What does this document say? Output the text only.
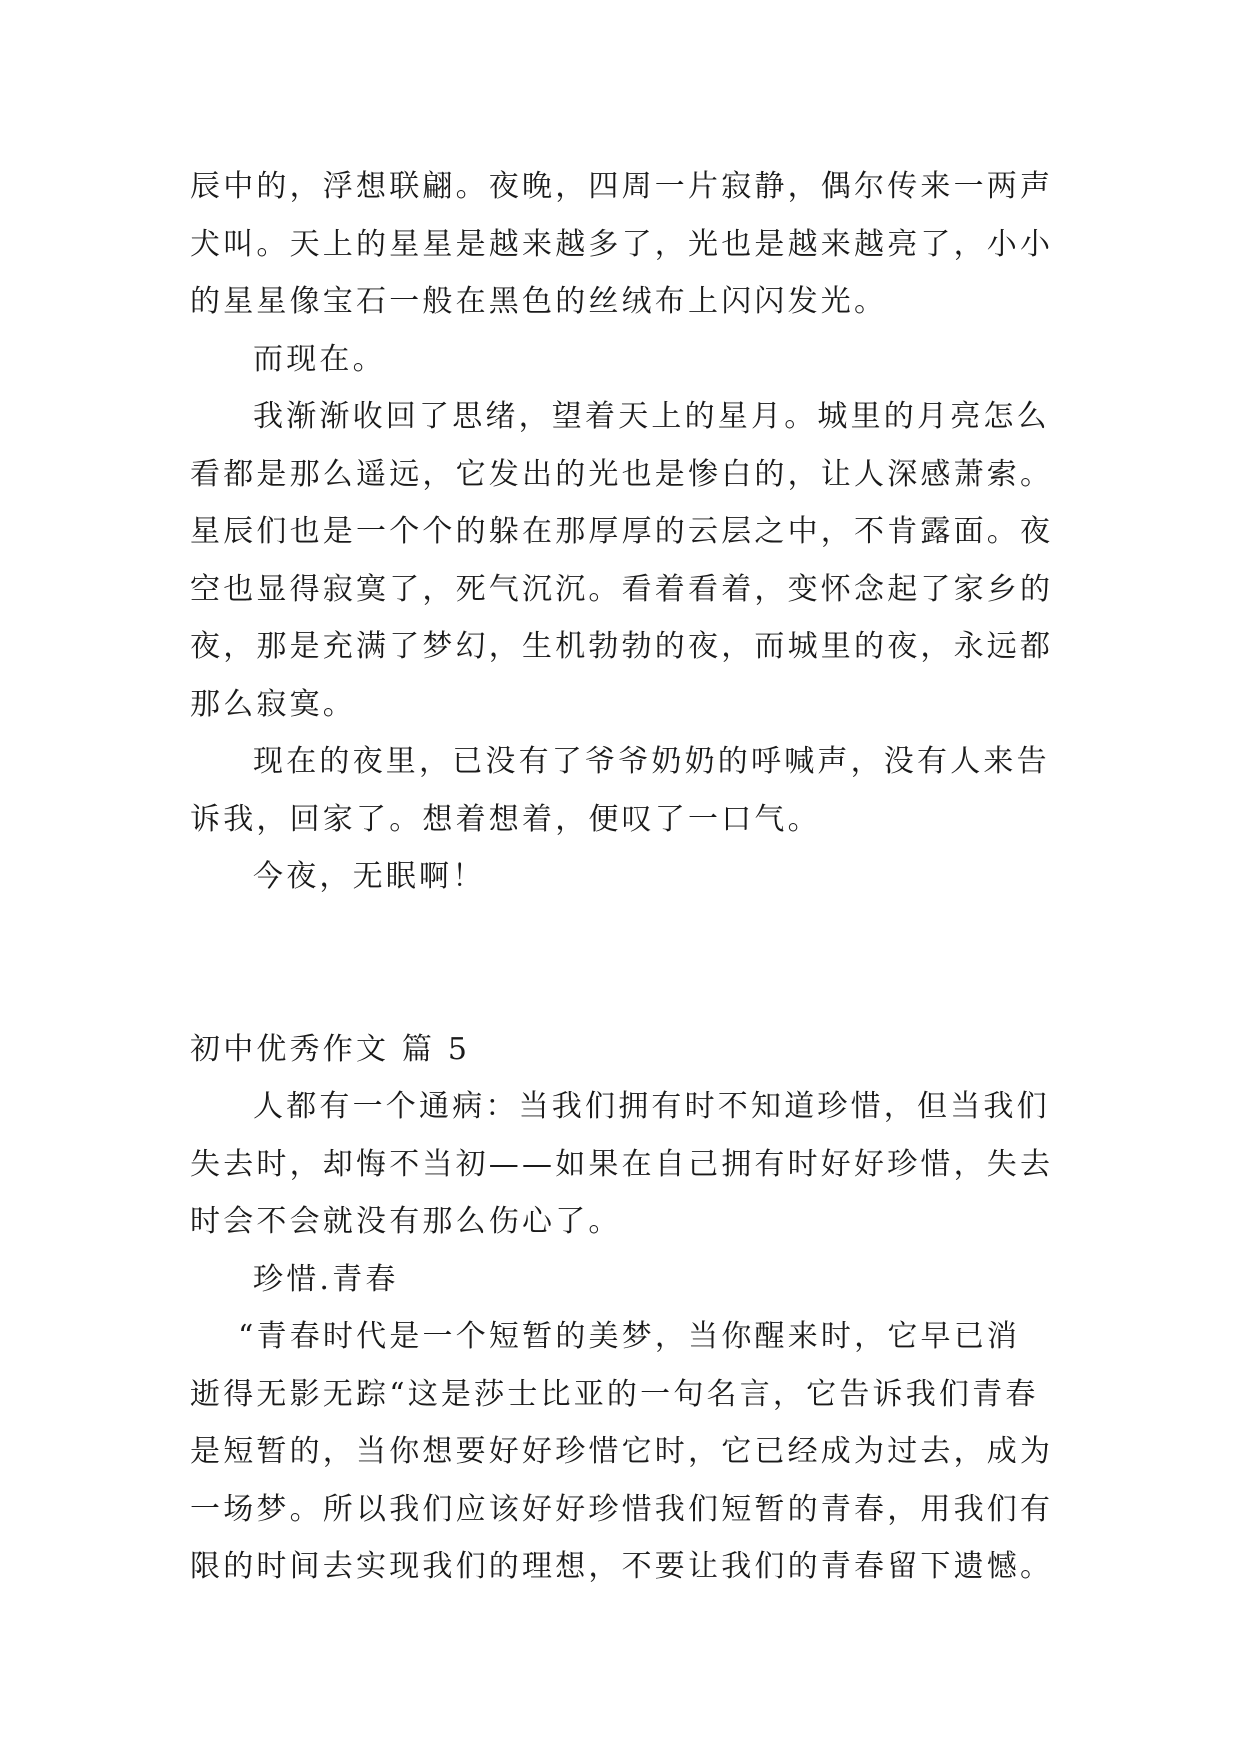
辰中的，浮想联翩。夜晚，四周一片寂静，偶尔传来一两声
犬叫。天上的星星是越来越多了，光也是越来越亮了，小小
的星星像宝石一般在黑色的丝绒布上闪闪发光。
而现在。
我渐渐收回了思绪，望着天上的星月。城里的月亮怎么
看都是那么遥远，它发出的光也是惨白的，让人深感萧索。
星辰们也是一个个的躲在那厚厚的云层之中，不肯露面。夜
空也显得寂寞了，死气沉沉。看着看着，变怀念起了家乡的
夜，那是充满了梦幻，生机勃勃的夜，而城里的夜，永远都
那么寂寞。
现在的夜里，已没有了爷爷奶奶的呼喊声，没有人来告
诉我，回家了。想着想着，便叹了一口气。
今夜，无眠啊！
初中优秀作文 篇 5
人都有一个通病：当我们拥有时不知道珍惜，但当我们
失去时，却悔不当初——如果在自己拥有时好好珍惜，失去
时会不会就没有那么伤心了。
珍惜.青春
“青春时代是一个短暂的美梦，当你醒来时，它早已消
逝得无影无踪“这是莎士比亚的一句名言，它告诉我们青春
是短暂的，当你想要好好珍惜它时，它已经成为过去，成为
一场梦。所以我们应该好好珍惜我们短暂的青春，用我们有
限的时间去实现我们的理想，不要让我们的青春留下遗憾。
